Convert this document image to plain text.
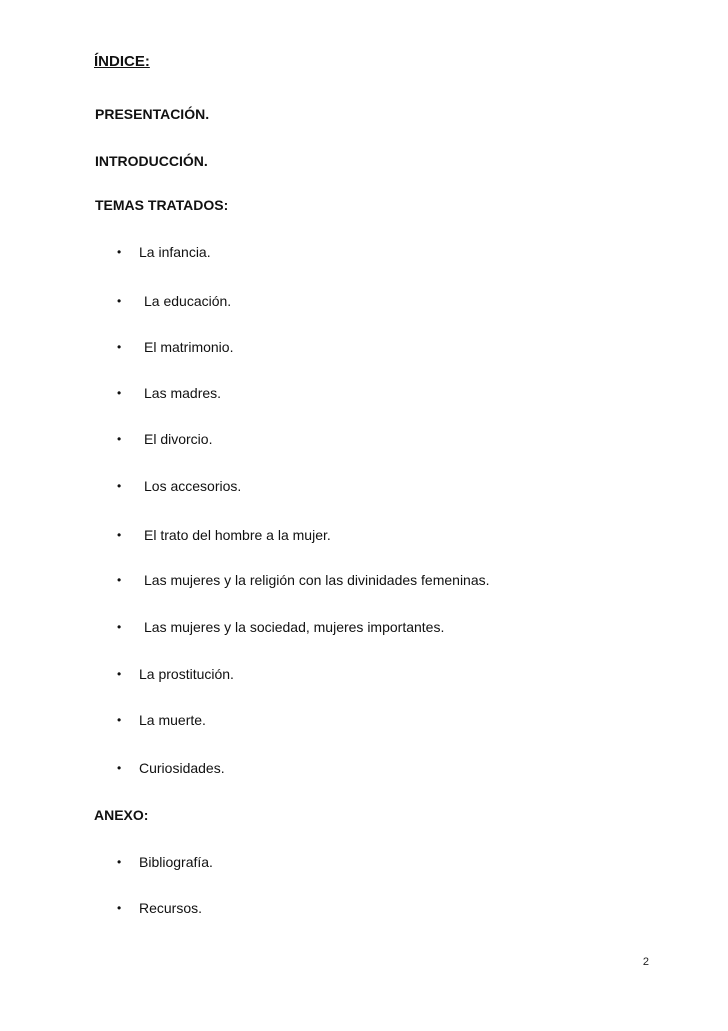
ÍNDICE:
PRESENTACIÓN.
INTRODUCCIÓN.
TEMAS TRATADOS:
• La infancia.
• La educación.
• El matrimonio.
• Las madres.
• El divorcio.
• Los accesorios.
• El trato del hombre a la mujer.
• Las mujeres y la religión con las divinidades femeninas.
• Las mujeres y la sociedad, mujeres importantes.
• La prostitución.
• La muerte.
• Curiosidades.
ANEXO:
• Bibliografía.
• Recursos.
2
